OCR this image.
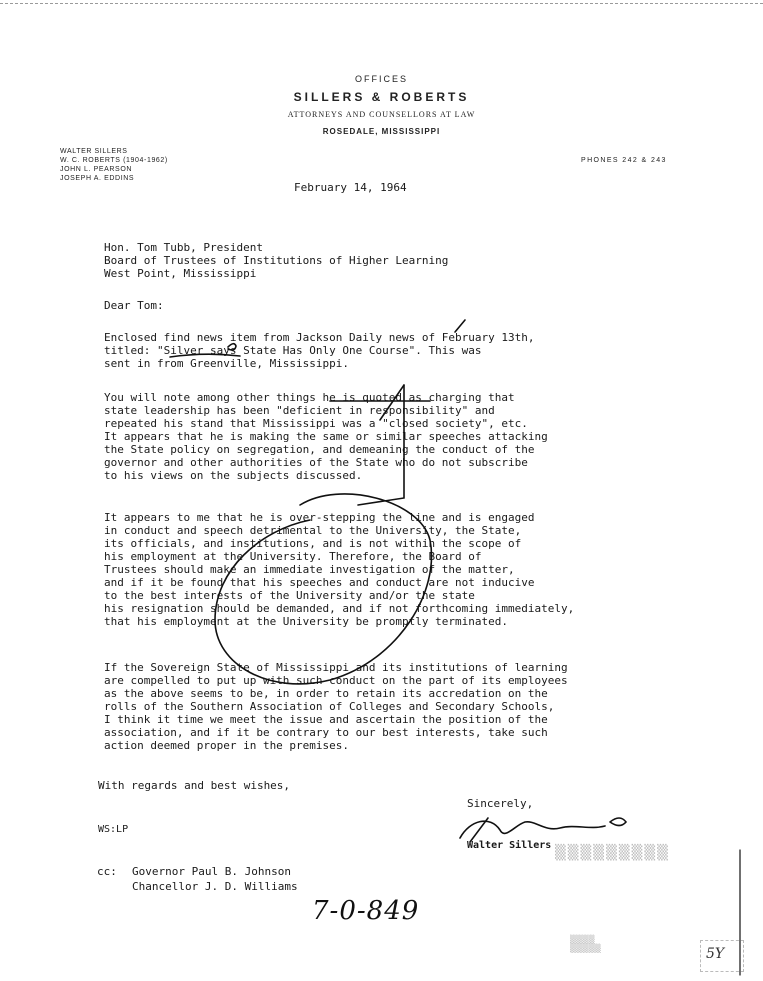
OFFICES
SILLERS & ROBERTS
ATTORNEYS AND COUNSELLORS AT LAW
ROSEDALE, MISSISSIPPI
WALTER SILLERS
W. C. ROBERTS (1904-1962)
JOHN L. PEARSON
JOSEPH A. EDDINS
PHONES 242 & 243
February 14, 1964
Hon. Tom Tubb, President
Board of Trustees of Institutions of Higher Learning
West Point, Mississippi
Dear Tom:
Enclosed find news item from Jackson Daily news of February 13th,
titled: "Silver says State Has Only One Course". This was
sent in from Greenville, Mississippi.
You will note among other things he is quoted as charging that
state leadership has been "deficient in responsibility" and
repeated his stand that Mississippi was a "closed society", etc.
It appears that he is making the same or similar speeches attacking
the State policy on segregation, and demeaning the conduct of the
governor and other authorities of the State who do not subscribe
to his views on the subjects discussed.
It appears to me that he is over-stepping the line and is engaged
in conduct and speech detrimental to the University, the State,
its officials, and institutions, and is not within the scope of
his employment at the University. Therefore, the Board of
Trustees should make an immediate investigation of the matter,
and if it be found that his speeches and conduct are not inducive
to the best interests of the University and/or the state
his resignation should be demanded, and if not forthcoming immediately,
that his employment at the University be promptly terminated.
If the Sovereign State of Mississippi and its institutions of learning
are compelled to put up with such conduct on the part of its employees
as the above seems to be, in order to retain its accredation on the
rolls of the Southern Association of Colleges and Secondary Schools,
I think it time we meet the issue and ascertain the position of the
association, and if it be contrary to our best interests, take such
action deemed proper in the premises.
With regards and best wishes,
Sincerely,
Walter Sillers
WS:LP
cc: Governor Paul B. Johnson
Chancellor J. D. Williams
7-0-849
▒▒▒▒▒▒▒▒▒
▒▒▒▒
▒▒▒▒▒	5Y
